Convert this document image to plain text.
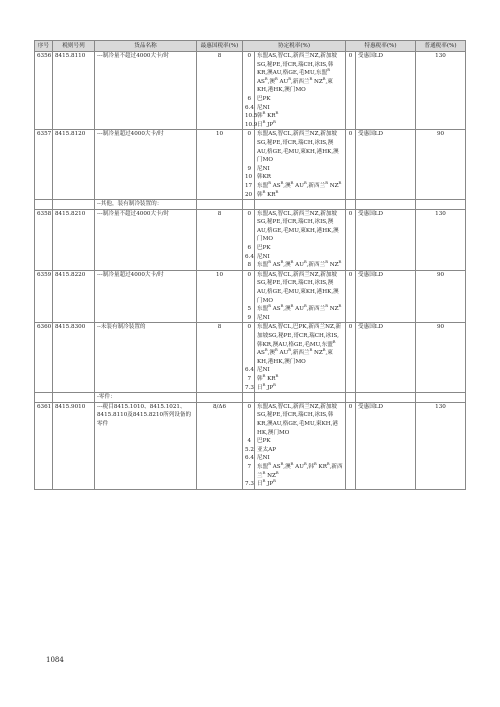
序号	税则号列	货品名称	最惠国税率(%)	协定税率(%)		特惠税率(%)		普通税率(%)
6356	8415.8110	---制冷量不超过4000大卡/时	8	0	东盟AS,智CL,新西兰NZ,新加坡SG,秘PE,哥CR,瑞CH,冰IS,韩KR,澳AU,格GE,毛MU,东盟$^R$ $AS^R$,澳$^R$ $AU^R$,新西兰$^R$ $NZ^R$,柬KH,港HK,澳门MO	0	受惠国LD	130
				6	巴PK			
				6.4	尼NI			
				10.5	韩$^R$ $KR^R$			
				10.9	日$^R$ $JP^R$			
6357	8415.8120	---制冷量超过4000大卡/时	10	0	东盟AS,智CL,新西兰NZ,新加坡SG,秘PE,哥CR,瑞CH,冰IS,澳AU,格GE,毛MU,柬KH,港HK,澳门MO	0	受惠国LD	90
				9	尼NI			
				10	韩KR			
				17	东盟$^R$ $AS^R$,澳$^R$ $AU^R$,新西兰$^R$ $NZ^R$			
				20	韩$^R$ $KR^R$			
		--其他，装有制冷装置的：						
6358	8415.8210	---制冷量不超过4000大卡/时	8	0	东盟AS,智CL,新西兰NZ,新加坡SG,秘PE,哥CR,瑞CH,冰IS,澳AU,格GE,毛MU,柬KH,港HK,澳门MO	0	受惠国LD	130
				6	巴PK			
				6.4	尼NI			
				8	东盟$^R$ $AS^R$,澳$^R$ $AU^R$,新西兰$^R$ $NZ^R$			
6359	8415.8220	---制冷量超过4000大卡/时	10	0	东盟AS,智CL,新西兰NZ,新加坡SG,秘PE,哥CR,瑞CH,冰IS,澳AU,格GE,毛MU,柬KH,港HK,澳门MO	0	受惠国LD	90
				5	东盟$^R$ $AS^R$,澳$^R$ $AU^R$,新西兰$^R$ $NZ^R$			
				9	尼NI			
6360	8415.8300	--未装有制冷装置的	8	0	东盟AS,智CL,巴PK,新西兰NZ,新加坡SG,秘PE,哥CR,瑞CH,冰IS,韩KR,澳AU,格GE,毛MU,东盟$^R$ $AS^R$,澳$^R$ $AU^R$,新西兰$^R$ $NZ^R$,柬KH,港HK,澳门MO	0	受惠国LD	90
				6.4	尼NI			
				7	韩$^R$ $KR^R$			
				7.3	日$^R$ $JP^R$			
		-零件：						
6361	8415.9010	---税目8415.1010、8415.1021、8415.8110及8415.8210所列设备的零件	8/Δ6	0	东盟AS,智CL,新西兰NZ,新加坡SG,秘PE,哥CR,瑞CH,冰IS,韩KR,澳AU,格GE,毛MU,柬KH,港HK,澳门MO	0	受惠国LD	130
				4	巴PK			
				5.2	亚太AP			
				6.4	尼NI			
				7	东盟$^R$ $AS^R$,澳$^R$ $AU^R$,韩$^R$ $KR^R$,新西兰$^R$ $NZ^R$			
				7.3	日$^R$ $JP^R$			
1084
